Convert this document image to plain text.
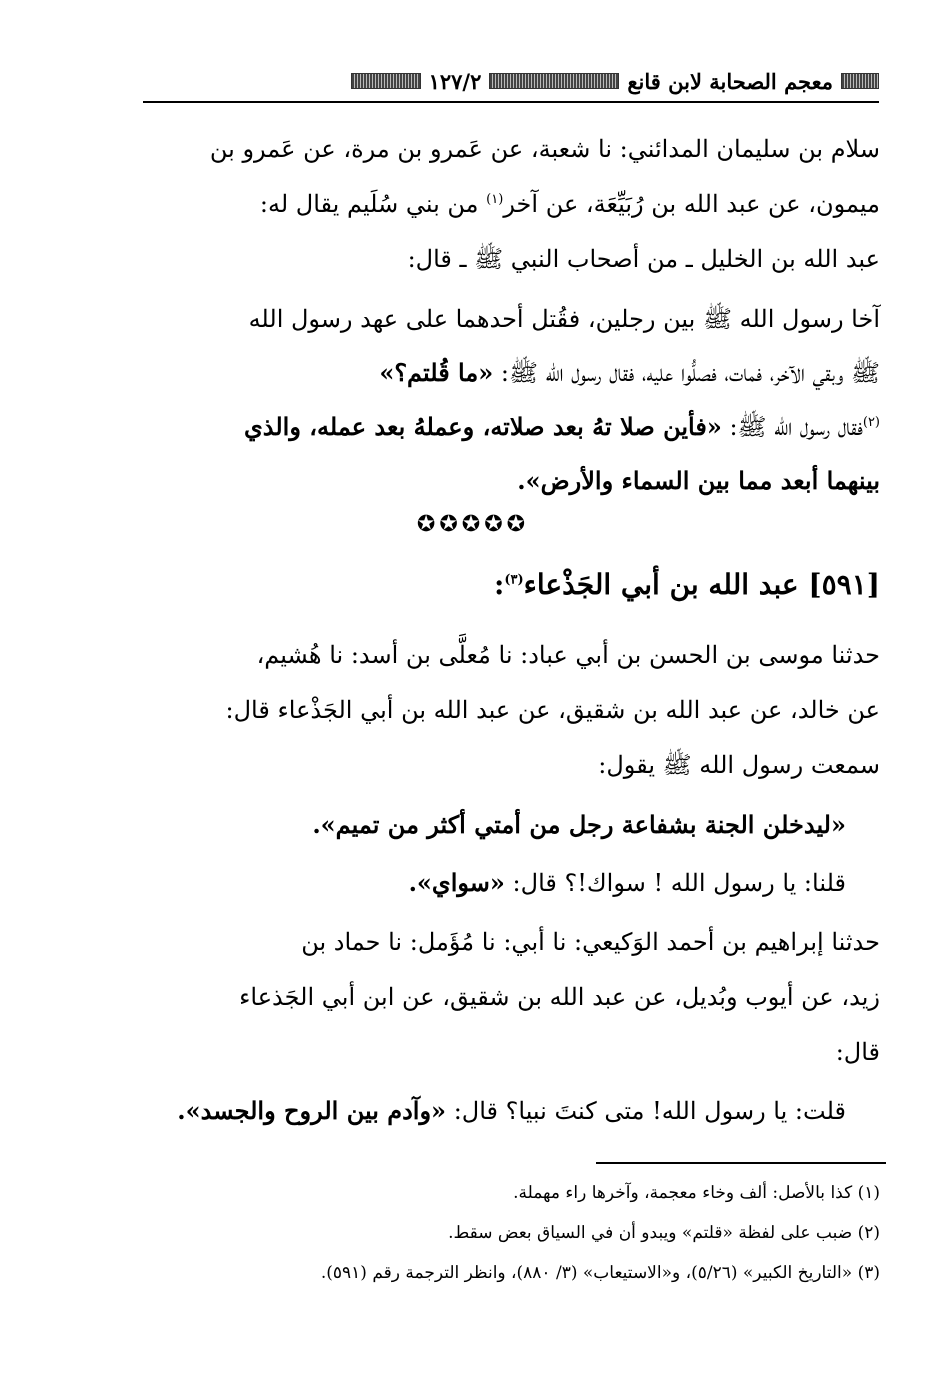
معجم الصحابة لابن قانع
١٢٧/٢
سلام بن سليمان المدائني: نا شعبة، عن عَمرو بن مرة، عن عَمرو بن
ميمون، عن عبد الله بن رُبَيِّعَة، عن آخر$^{(١)}$ من بني سُلَيم يقال له:
عبد الله بن الخليل ـ من أصحاب النبي ﷺ ـ قال:
آخا رسول الله ﷺ بين رجلين، فقُتل أحدهما على عهد رسول الله
ﷺ وبقي الآخر، فمات، فصلُّوا عليه، فقال رسول الله ﷺ: «ما قُلتم؟»
$^{(٢)}$فقال رسول الله ﷺ: «فأين صلا تهُ بعد صلاته، وعملهُ بعد عمله، والذي
بينهما أبعد مما بين السماء والأرض».
✪✪✪✪✪
[٥٩١] عبد الله بن أبي الجَذْعاء$^{(٣)}$:
حدثنا موسى بن الحسن بن أبي عباد: نا مُعلَّى بن أسد: نا هُشيم،
عن خالد، عن عبد الله بن شقيق، عن عبد الله بن أبي الجَذْعاء قال:
سمعت رسول الله ﷺ يقول:
«ليدخلن الجنة بشفاعة رجل من أمتي أكثر من تميم».
قلنا: يا رسول الله ! سواك!؟ قال: «سواي».
حدثنا إبراهيم بن أحمد الوَكيعي: نا أبي: نا مُؤَمل: نا حماد بن
زيد، عن أيوب وبُديل، عن عبد الله بن شقيق، عن ابن أبي الجَذعاء
قال:
قلت: يا رسول الله! متى كنتَ نبيا؟ قال: «وآدم بين الروح والجسد».
(١) كذا بالأصل: ألف وخاء معجمة، وآخرها راء مهملة.
(٢) ضبب على لفظة «قلتم» ويبدو أن في السياق بعض سقط.
(٣) «التاريخ الكبير» (٥/٢٦)، و«الاستيعاب» (٣/ ٨٨٠)، وانظر الترجمة رقم (٥٩١).
